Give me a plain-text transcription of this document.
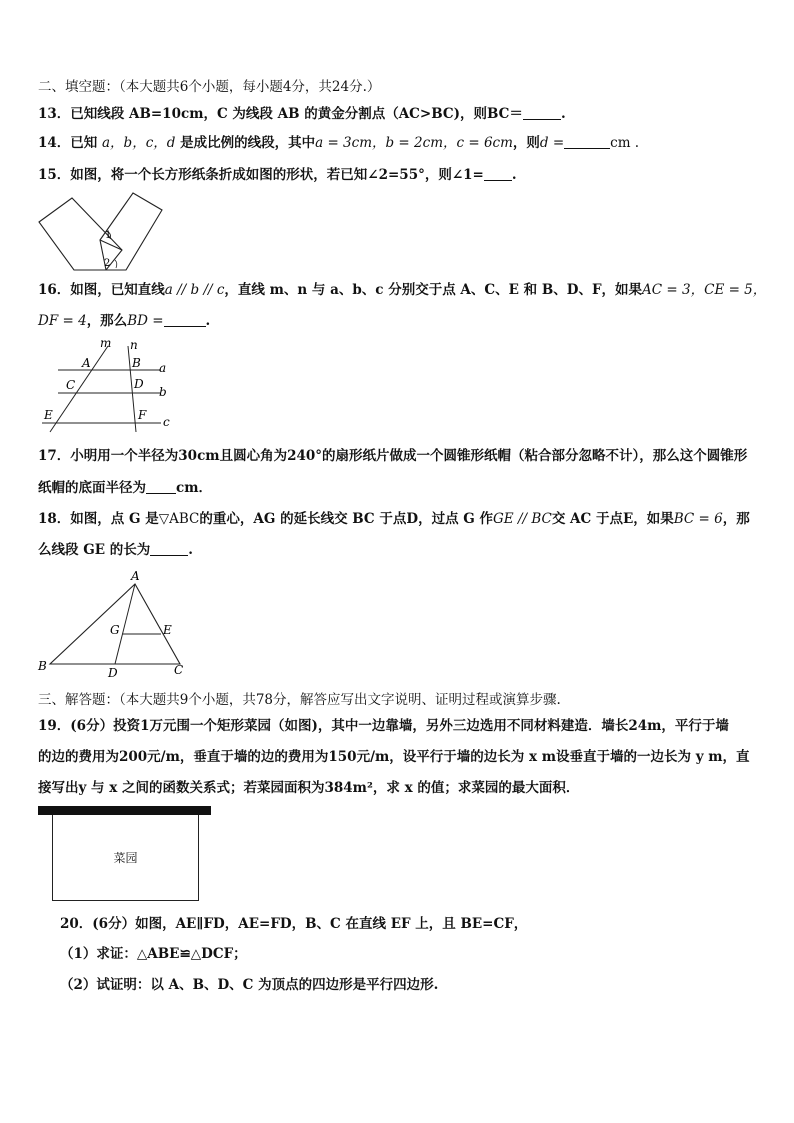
二、填空题：（本大题共6个小题，每小题4分，共24分.）
13．已知线段 AB=10cm，C 为线段 AB 的黄金分割点（AC>BC)，则BC＝	.
14．已知 a，b，c，d 是成比例的线段，其中a = 3cm，b = 2cm，c = 6cm，则d =	cm .
15．如图，将一个长方形纸条折成如图的形状，若已知∠2=55°，则∠1= .
1
2
16．如图，已知直线a // b // c，直线 m、n 与 a、b、c 分别交于点 A、C、E 和 B、D、F，如果AC = 3，CE = 5，
DF = 4，那么BD =	.
m n
A	B a
C	D
b
E	F c
17．小明用一个半径为30cm且圆心角为240°的扇形纸片做成一个圆锥形纸帽（粘合部分忽略不计），那么这个圆锥形
纸帽的底面半径为 cm．
18．如图，点 G 是▽ABC的重心，AG 的延长线交 BC 于点D，过点 G 作GE // BC交 AC 于点E，如果BC = 6，那
么线段 GE 的长为	.
A
B	C
D
G	E
三、解答题：（本大题共9个小题，共78分，解答应写出文字说明、证明过程或演算步骤.
19．(6分）投资1万元围一个矩形菜园（如图)，其中一边靠墙，另外三边选用不同材料建造．墙长24m，平行于墙
的边的费用为200元/m，垂直于墙的边的费用为150元/m，设平行于墙的边长为 x m设垂直于墙的一边长为 y m，直
接写出y 与 x 之间的函数关系式；若菜园面积为384m²，求 x 的值；求菜园的最大面积．
菜园
20．(6分）如图，AE∥FD，AE=FD，B、C 在直线 EF 上，且 BE=CF，
（1）求证：△ABE≌△DCF；
（2）试证明：以 A、B、D、C 为顶点的四边形是平行四边形.
